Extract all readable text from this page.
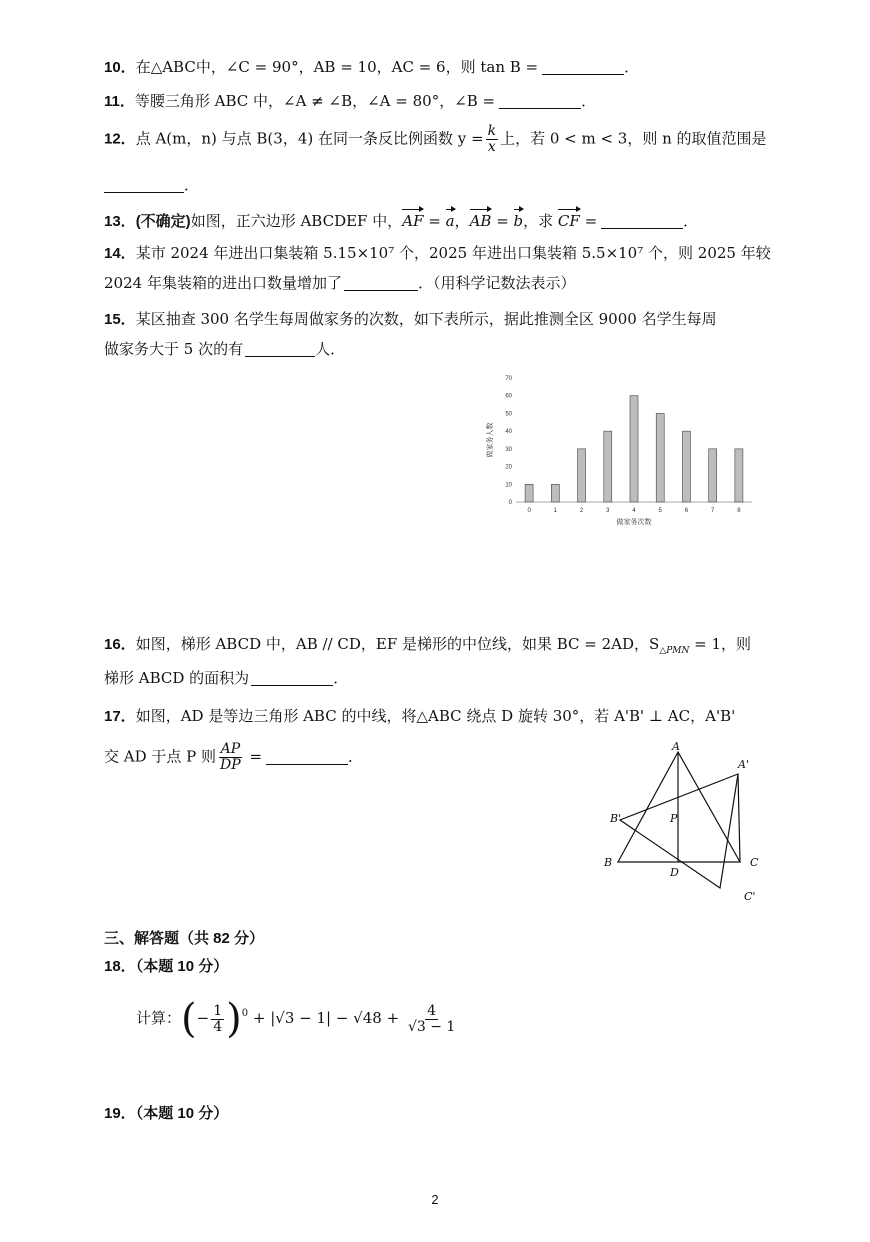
10．在△ABC中，∠C = 90°，AB = 10，AC = 6，则 tan B =	．
11．等腰三角形 ABC 中，∠A ≠ ∠B，∠A = 80°，∠B =	．
12．点 A(m，n) 与点 B(3，4) 在同一条反比例函数 $y = \frac{k}{x}$ 上，若 0 < m < 3，则 n 的取值范围是
．
13．(不确定)如图，正六边形 ABCDEF 中，AF = a，AB = b，求 CF =	．
14．某市 2024 年进出口集装箱 5.15×10⁷ 个，2025 年进出口集装箱 5.5×10⁷ 个，则 2025 年较
2024 年集装箱的进出口数量增加了	．（用科学记数法表示）
15．某区抽查 300 名学生每周做家务的次数，如下表所示，据此推测全区 9000 名学生每周
做家务大于 5 次的有	人．
0
10
20
30
40
50
60
70
0	1	2	3	4	5	6	7	8
做家务次数
做家务人数
16．如图，梯形 ABCD 中，AB // CD，EF 是梯形的中位线，如果 BC = 2AD，$S_{\triangle PMN} = 1$，则
梯形 ABCD 的面积为	．
17．如图，AD 是等边三角形 ABC 的中线，将△ABC 绕点 D 旋转 30°，若 A'B' ⊥ AC，A'B'
交 AD 于点 P 则 $\frac{AP}{DP}$ =	．
A
A'
B'	P
B	C
D
C'
三、解答题（共 82 分）
18．（本题 10 分）
计算：(− $\frac{1}{4} )^0 + |√3 - 1| - √48 + \frac{4}{√3 - 1}$
19．（本题 10 分）
2
